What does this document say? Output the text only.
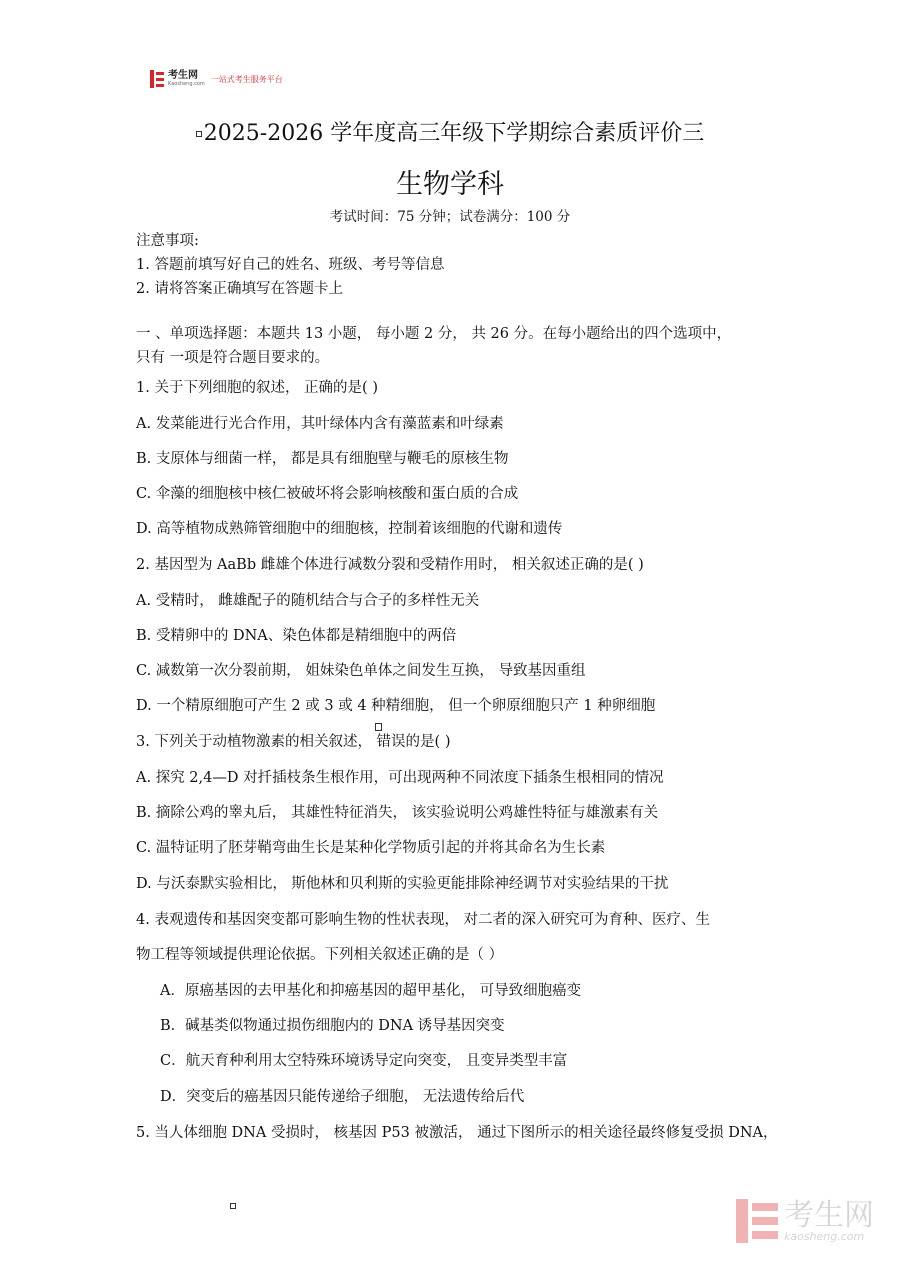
考生网
Kaosheng.com
一站式考生服务平台
2025-2026 学年度高三年级下学期综合素质评价三
生物学科
考试时间：75 分钟；试卷满分：100 分
注意事项:
1. 答题前填写好自己的姓名、班级、考号等信息
2. 请将答案正确填写在答题卡上
一 、单项选择题：本题共 13 小题， 每小题 2 分， 共 26 分。在每小题给出的四个选项中，
只有 一项是符合题目要求的。
1. 关于下列细胞的叙述， 正确的是( )
A. 发菜能进行光合作用，其叶绿体内含有藻蓝素和叶绿素
B. 支原体与细菌一样， 都是具有细胞壁与鞭毛的原核生物
C. 伞藻的细胞核中核仁被破坏将会影响核酸和蛋白质的合成
D. 高等植物成熟筛管细胞中的细胞核，控制着该细胞的代谢和遗传
2. 基因型为 AaBb 雌雄个体进行减数分裂和受精作用时， 相关叙述正确的是( )
A. 受精时， 雌雄配子的随机结合与合子的多样性无关
B. 受精卵中的 DNA、染色体都是精细胞中的两倍
C. 减数第一次分裂前期， 姐妹染色单体之间发生互换， 导致基因重组
D. 一个精原细胞可产生 2 或 3 或 4 种精细胞， 但一个卵原细胞只产 1 种卵细胞
3. 下列关于动植物激素的相关叙述， 错误的是( )
A. 探究 2,4—D 对扦插枝条生根作用，可出现两种不同浓度下插条生根相同的情况
B. 摘除公鸡的睾丸后， 其雄性特征消失， 该实验说明公鸡雄性特征与雄激素有关
C. 温特证明了胚芽鞘弯曲生长是某种化学物质引起的并将其命名为生长素
D. 与沃泰默实验相比， 斯他林和贝利斯的实验更能排除神经调节对实验结果的干扰
4. 表观遗传和基因突变都可影响生物的性状表现， 对二者的深入研究可为育种、医疗、生
物工程等领域提供理论依据。下列相关叙述正确的是（ ）
A．原癌基因的去甲基化和抑癌基因的超甲基化， 可导致细胞癌变
B．碱基类似物通过损伤细胞内的 DNA 诱导基因突变
C．航天育种利用太空特殊环境诱导定向突变， 且变异类型丰富
D．突变后的癌基因只能传递给子细胞， 无法遗传给后代
5. 当人体细胞 DNA 受损时， 核基因 P53 被激活， 通过下图所示的相关途径最终修复受损 DNA，
考生网
kaosheng.com
